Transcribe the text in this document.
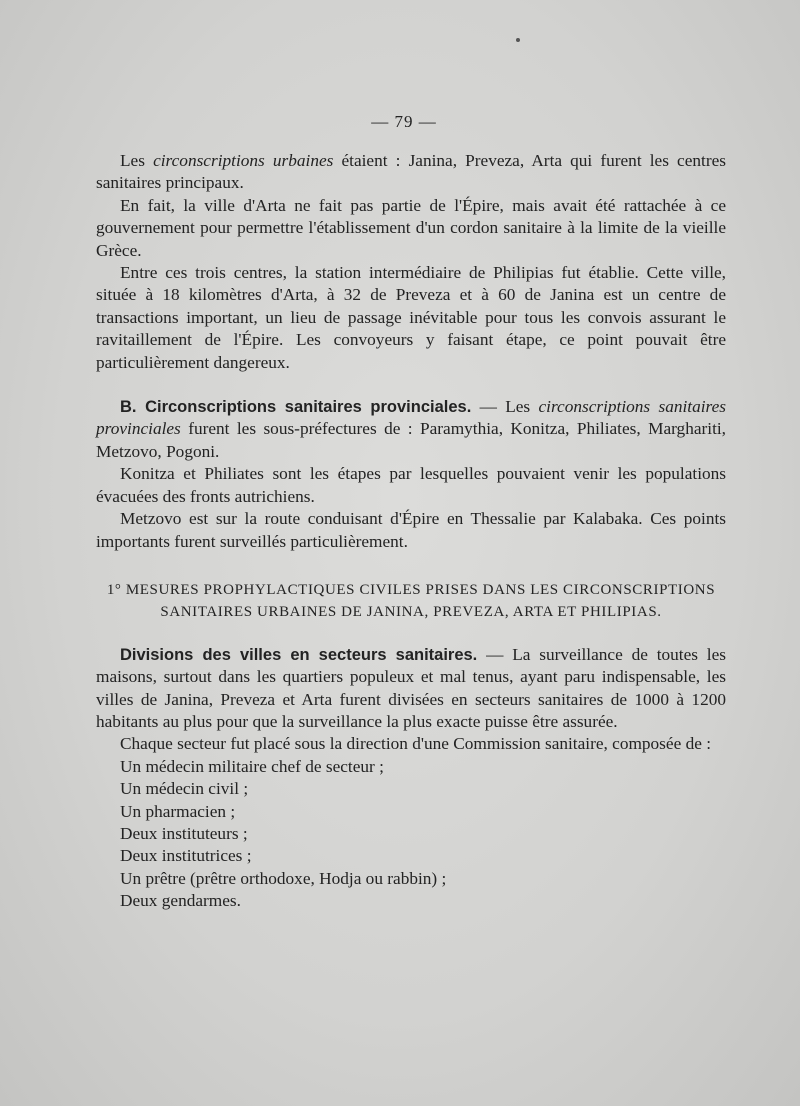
— 79 —

Les circonscriptions urbaines étaient : Janina, Preveza, Arta qui furent les centres sanitaires principaux.

En fait, la ville d'Arta ne fait pas partie de l'Épire, mais avait été rattachée à ce gouvernement pour permettre l'établissement d'un cordon sanitaire à la limite de la vieille Grèce.

Entre ces trois centres, la station intermédiaire de Philipias fut établie. Cette ville, située à 18 kilomètres d'Arta, à 32 de Preveza et à 60 de Janina est un centre de transactions important, un lieu de passage inévitable pour tous les convois assurant le ravitaillement de l'Épire. Les convoyeurs y faisant étape, ce point pouvait être particulièrement dangereux.

B. Circonscriptions sanitaires provinciales. — Les circonscriptions sanitaires provinciales furent les sous-préfectures de : Paramythia, Konitza, Philiates, Marghariti, Metzovo, Pogoni.

Konitza et Philiates sont les étapes par lesquelles pouvaient venir les populations évacuées des fronts autrichiens.

Metzovo est sur la route conduisant d'Épire en Thessalie par Kalabaka. Ces points importants furent surveillés particulièrement.

1° MESURES PROPHYLACTIQUES CIVILES PRISES DANS LES CIRCONSCRIPTIONS
SANITAIRES URBAINES DE JANINA, PREVEZA, ARTA ET PHILIPIAS.

Divisions des villes en secteurs sanitaires. — La surveillance de toutes les maisons, surtout dans les quartiers populeux et mal tenus, ayant paru indispensable, les villes de Janina, Preveza et Arta furent divisées en secteurs sanitaires de 1000 à 1200 habitants au plus pour que la surveillance la plus exacte puisse être assurée.

Chaque secteur fut placé sous la direction d'une Commission sanitaire, composée de :

Un médecin militaire chef de secteur ;

Un médecin civil ;

Un pharmacien ;

Deux instituteurs ;

Deux institutrices ;

Un prêtre (prêtre orthodoxe, Hodja ou rabbin) ;

Deux gendarmes.
